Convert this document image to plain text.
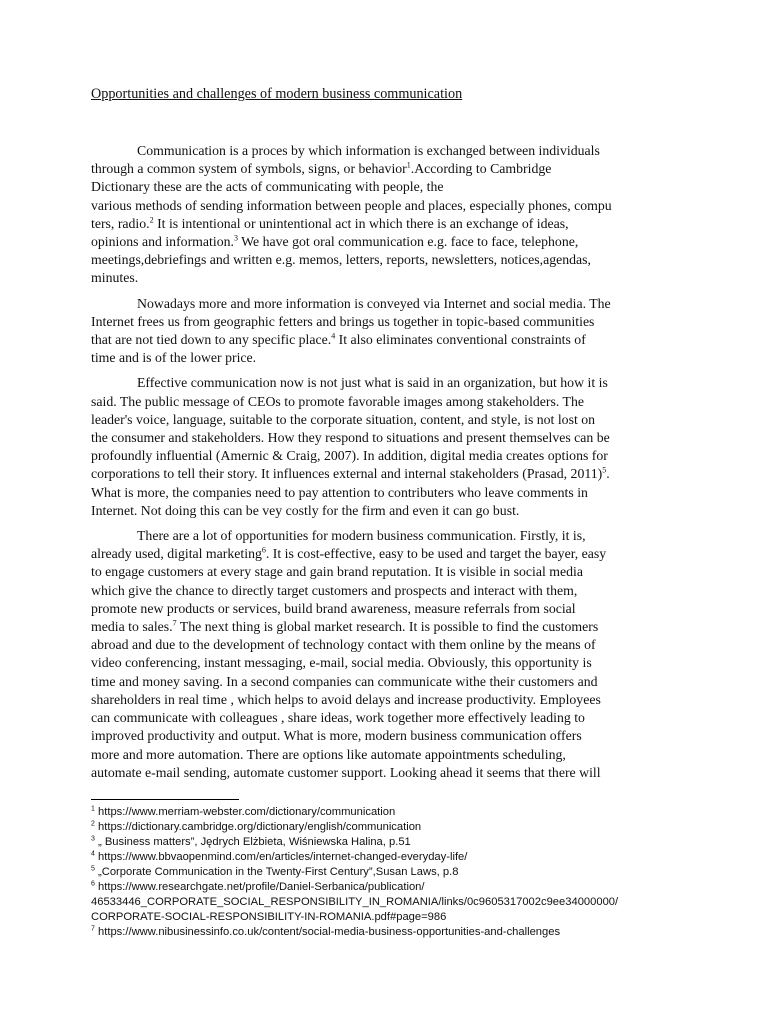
Opportunities and challenges of modern business communication
Communication is a proces by which information is exchanged between individuals
through a common system of symbols, signs, or behavior$^1$.According to Cambridge
Dictionary these are the acts of communicating with people, the
various methods of sending information between people and places, especially phones, compu
ters, radio.$^2$ It is intentional or unintentional act in which there is an exchange of ideas,
opinions and information.$^3$ We have got oral communication e.g. face to face, telephone,
meetings,debriefings and written e.g. memos, letters, reports, newsletters, notices,agendas,
minutes.
Nowadays more and more information is conveyed via Internet and social media. The
Internet frees us from geographic fetters and brings us together in topic-based communities
that are not tied down to any specific place.$^4$ It also eliminates conventional constraints of
time and is of the lower price.
Effective communication now is not just what is said in an organization, but how it is
said. The public message of CEOs to promote favorable images among stakeholders. The
leader's voice, language, suitable to the corporate situation, content, and style, is not lost on
the consumer and stakeholders. How they respond to situations and present themselves can be
profoundly influential (Amernic & Craig, 2007). In addition, digital media creates options for
corporations to tell their story. It influences external and internal stakeholders (Prasad, 2011)$^5$.
What is more, the companies need to pay attention to contributers who leave comments in
Internet. Not doing this can be vey costly for the firm and even it can go bust.
There are a lot of opportunities for modern business communication. Firstly, it is,
already used, digital marketing$^6$. It is cost-effective, easy to be used and target the bayer, easy
to engage customers at every stage and gain brand reputation. It is visible in social media
which give the chance to directly target customers and prospects and interact with them,
promote new products or services, build brand awareness, measure referrals from social
media to sales.$^7$ The next thing is global market research. It is possible to find the customers
abroad and due to the development of technology contact with them online by the means of
video conferencing, instant messaging, e-mail, social media. Obviously, this opportunity is
time and money saving. In a second companies can communicate withe their customers and
shareholders in real time , which helps to avoid delays and increase productivity. Employees
can communicate with colleagues , share ideas, work together more effectively leading to
improved productivity and output. What is more, modern business communication offers
more and more automation. There are options like automate appointments scheduling,
automate e-mail sending, automate customer support. Looking ahead it seems that there will
$^1$ https://www.merriam-webster.com/dictionary/communication
$^2$ https://dictionary.cambridge.org/dictionary/english/communication
$^3$ „ Business matters”, Jędrych Elżbieta, Wiśniewska Halina, p.51
$^4$ https://www.bbvaopenmind.com/en/articles/internet-changed-everyday-life/
$^5$ „Corporate Communication in the Twenty-First Century”,Susan Laws, p.8
$^6$ https://www.researchgate.net/profile/Daniel-Serbanica/publication/
46533446_CORPORATE_SOCIAL_RESPONSIBILITY_IN_ROMANIA/links/0c9605317002c9ee34000000/
CORPORATE-SOCIAL-RESPONSIBILITY-IN-ROMANIA.pdf#page=986
$^7$ https://www.nibusinessinfo.co.uk/content/social-media-business-opportunities-and-challenges
